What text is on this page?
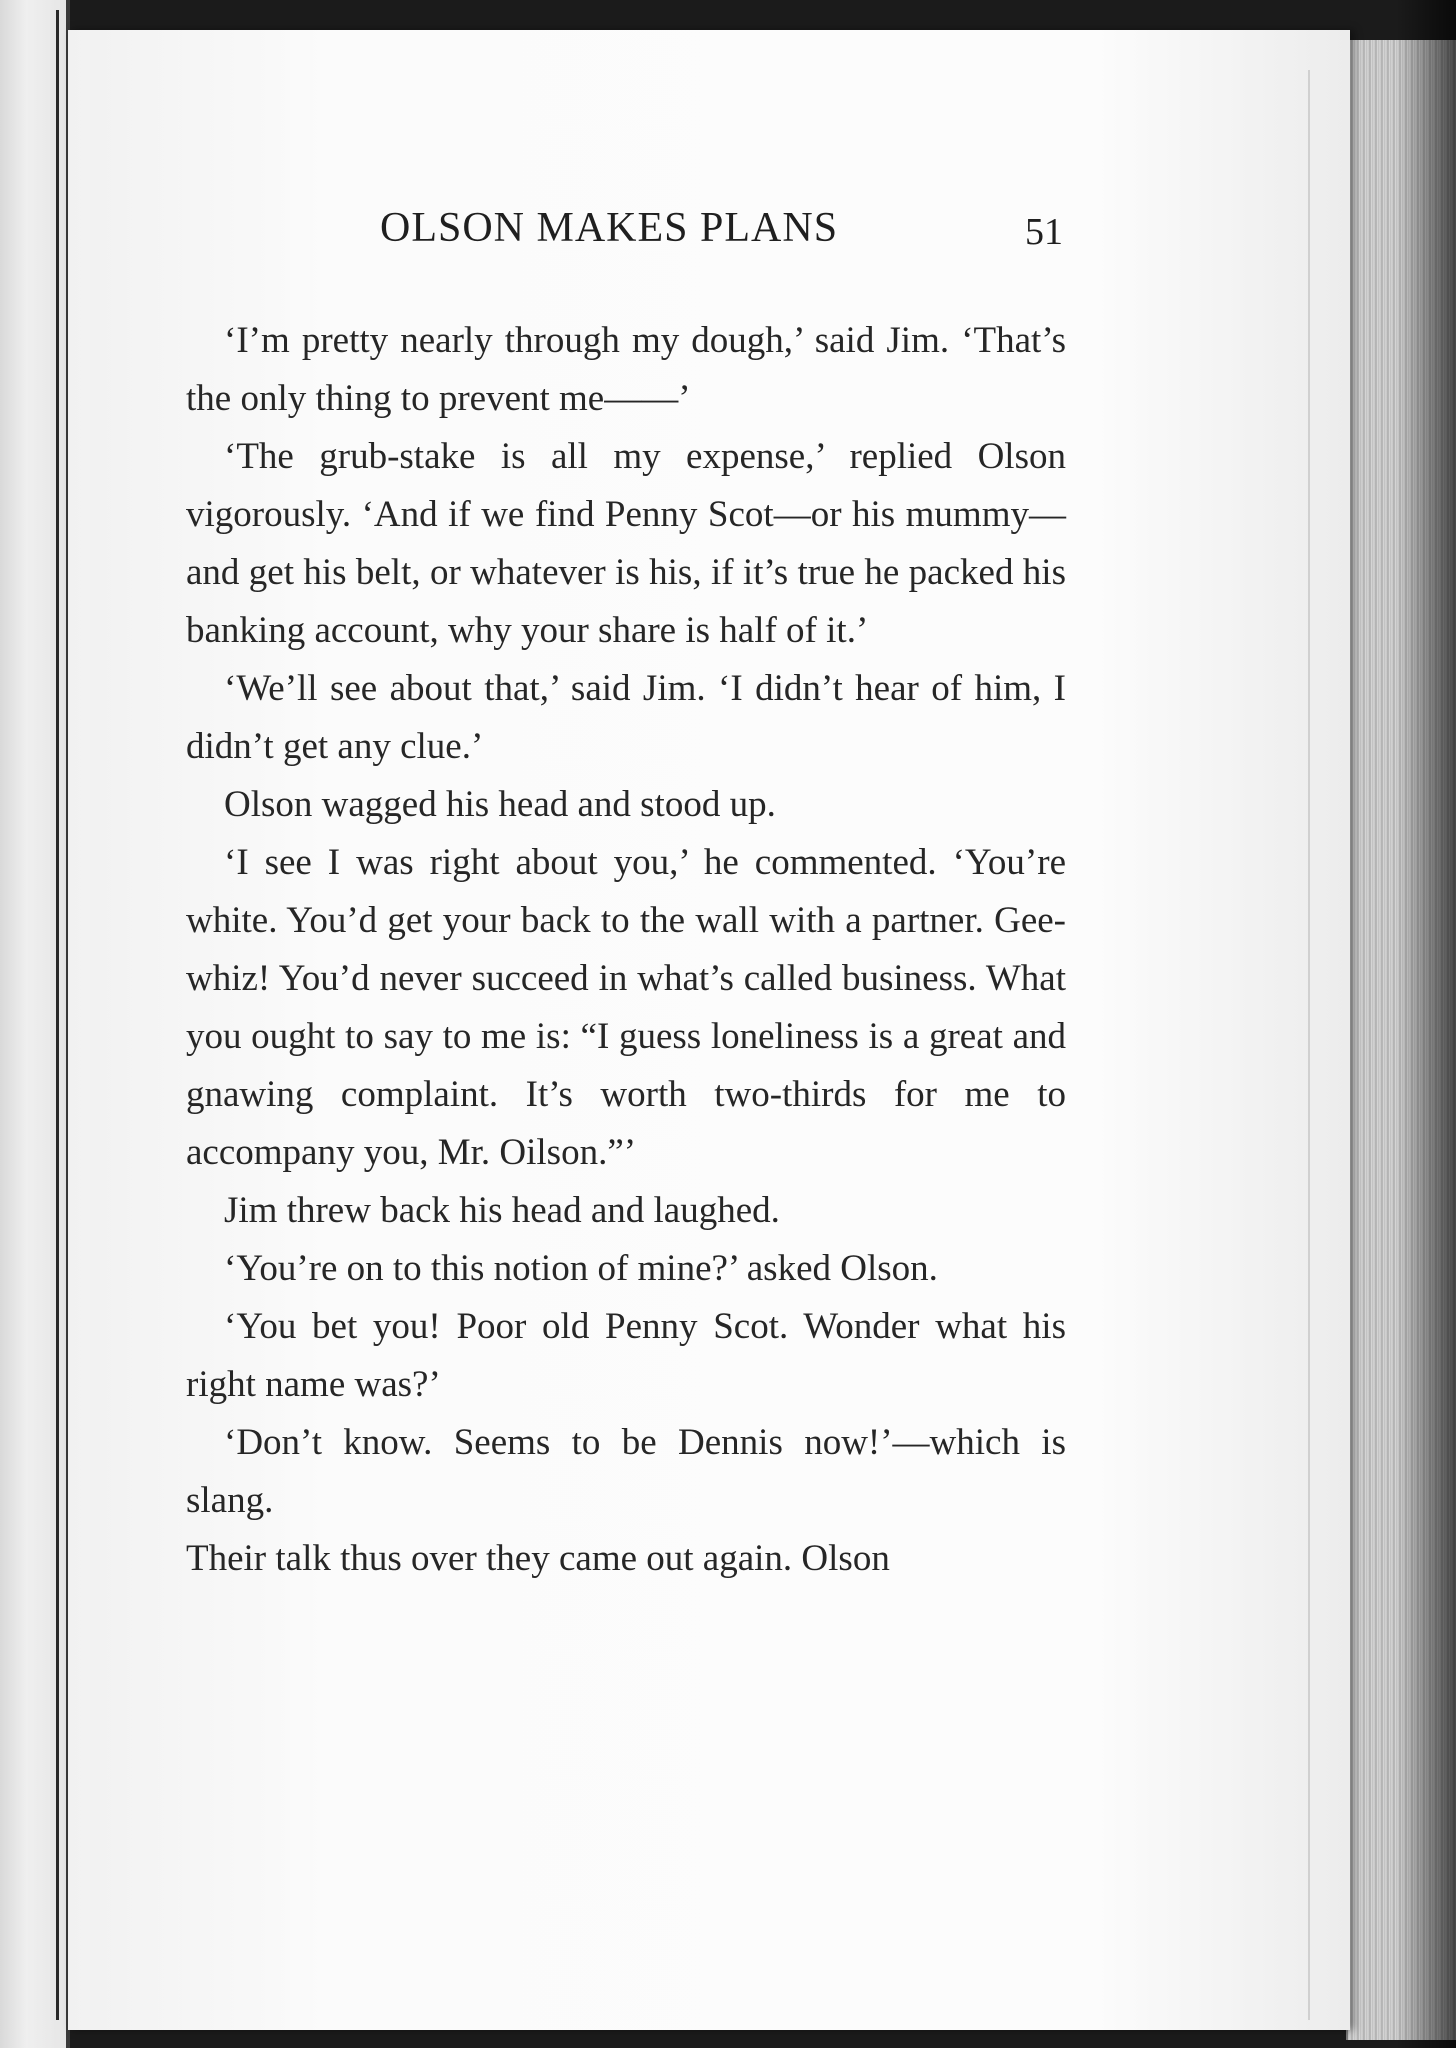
OLSON MAKES PLANS	51

‘I’m pretty nearly through my dough,’ said Jim. ‘That’s the only thing to prevent me——’

‘The grub-stake is all my expense,’ replied Olson vigorously. ‘And if we find Penny Scot—or his mummy—and get his belt, or whatever is his, if it’s true he packed his banking account, why your share is half of it.’

‘We’ll see about that,’ said Jim. ‘I didn’t hear of him, I didn’t get any clue.’

Olson wagged his head and stood up.

‘I see I was right about you,’ he commented. ‘You’re white. You’d get your back to the wall with a partner. Gee-whiz! You’d never succeed in what’s called business. What you ought to say to me is: “I guess loneliness is a great and gnawing complaint. It’s worth two-thirds for me to accompany you, Mr. Oilson.”’

Jim threw back his head and laughed.

‘You’re on to this notion of mine?’ asked Olson.

‘You bet you! Poor old Penny Scot. Wonder what his right name was?’

‘Don’t know. Seems to be Dennis now!’—which is slang.

Their talk thus over they came out again. Olson
